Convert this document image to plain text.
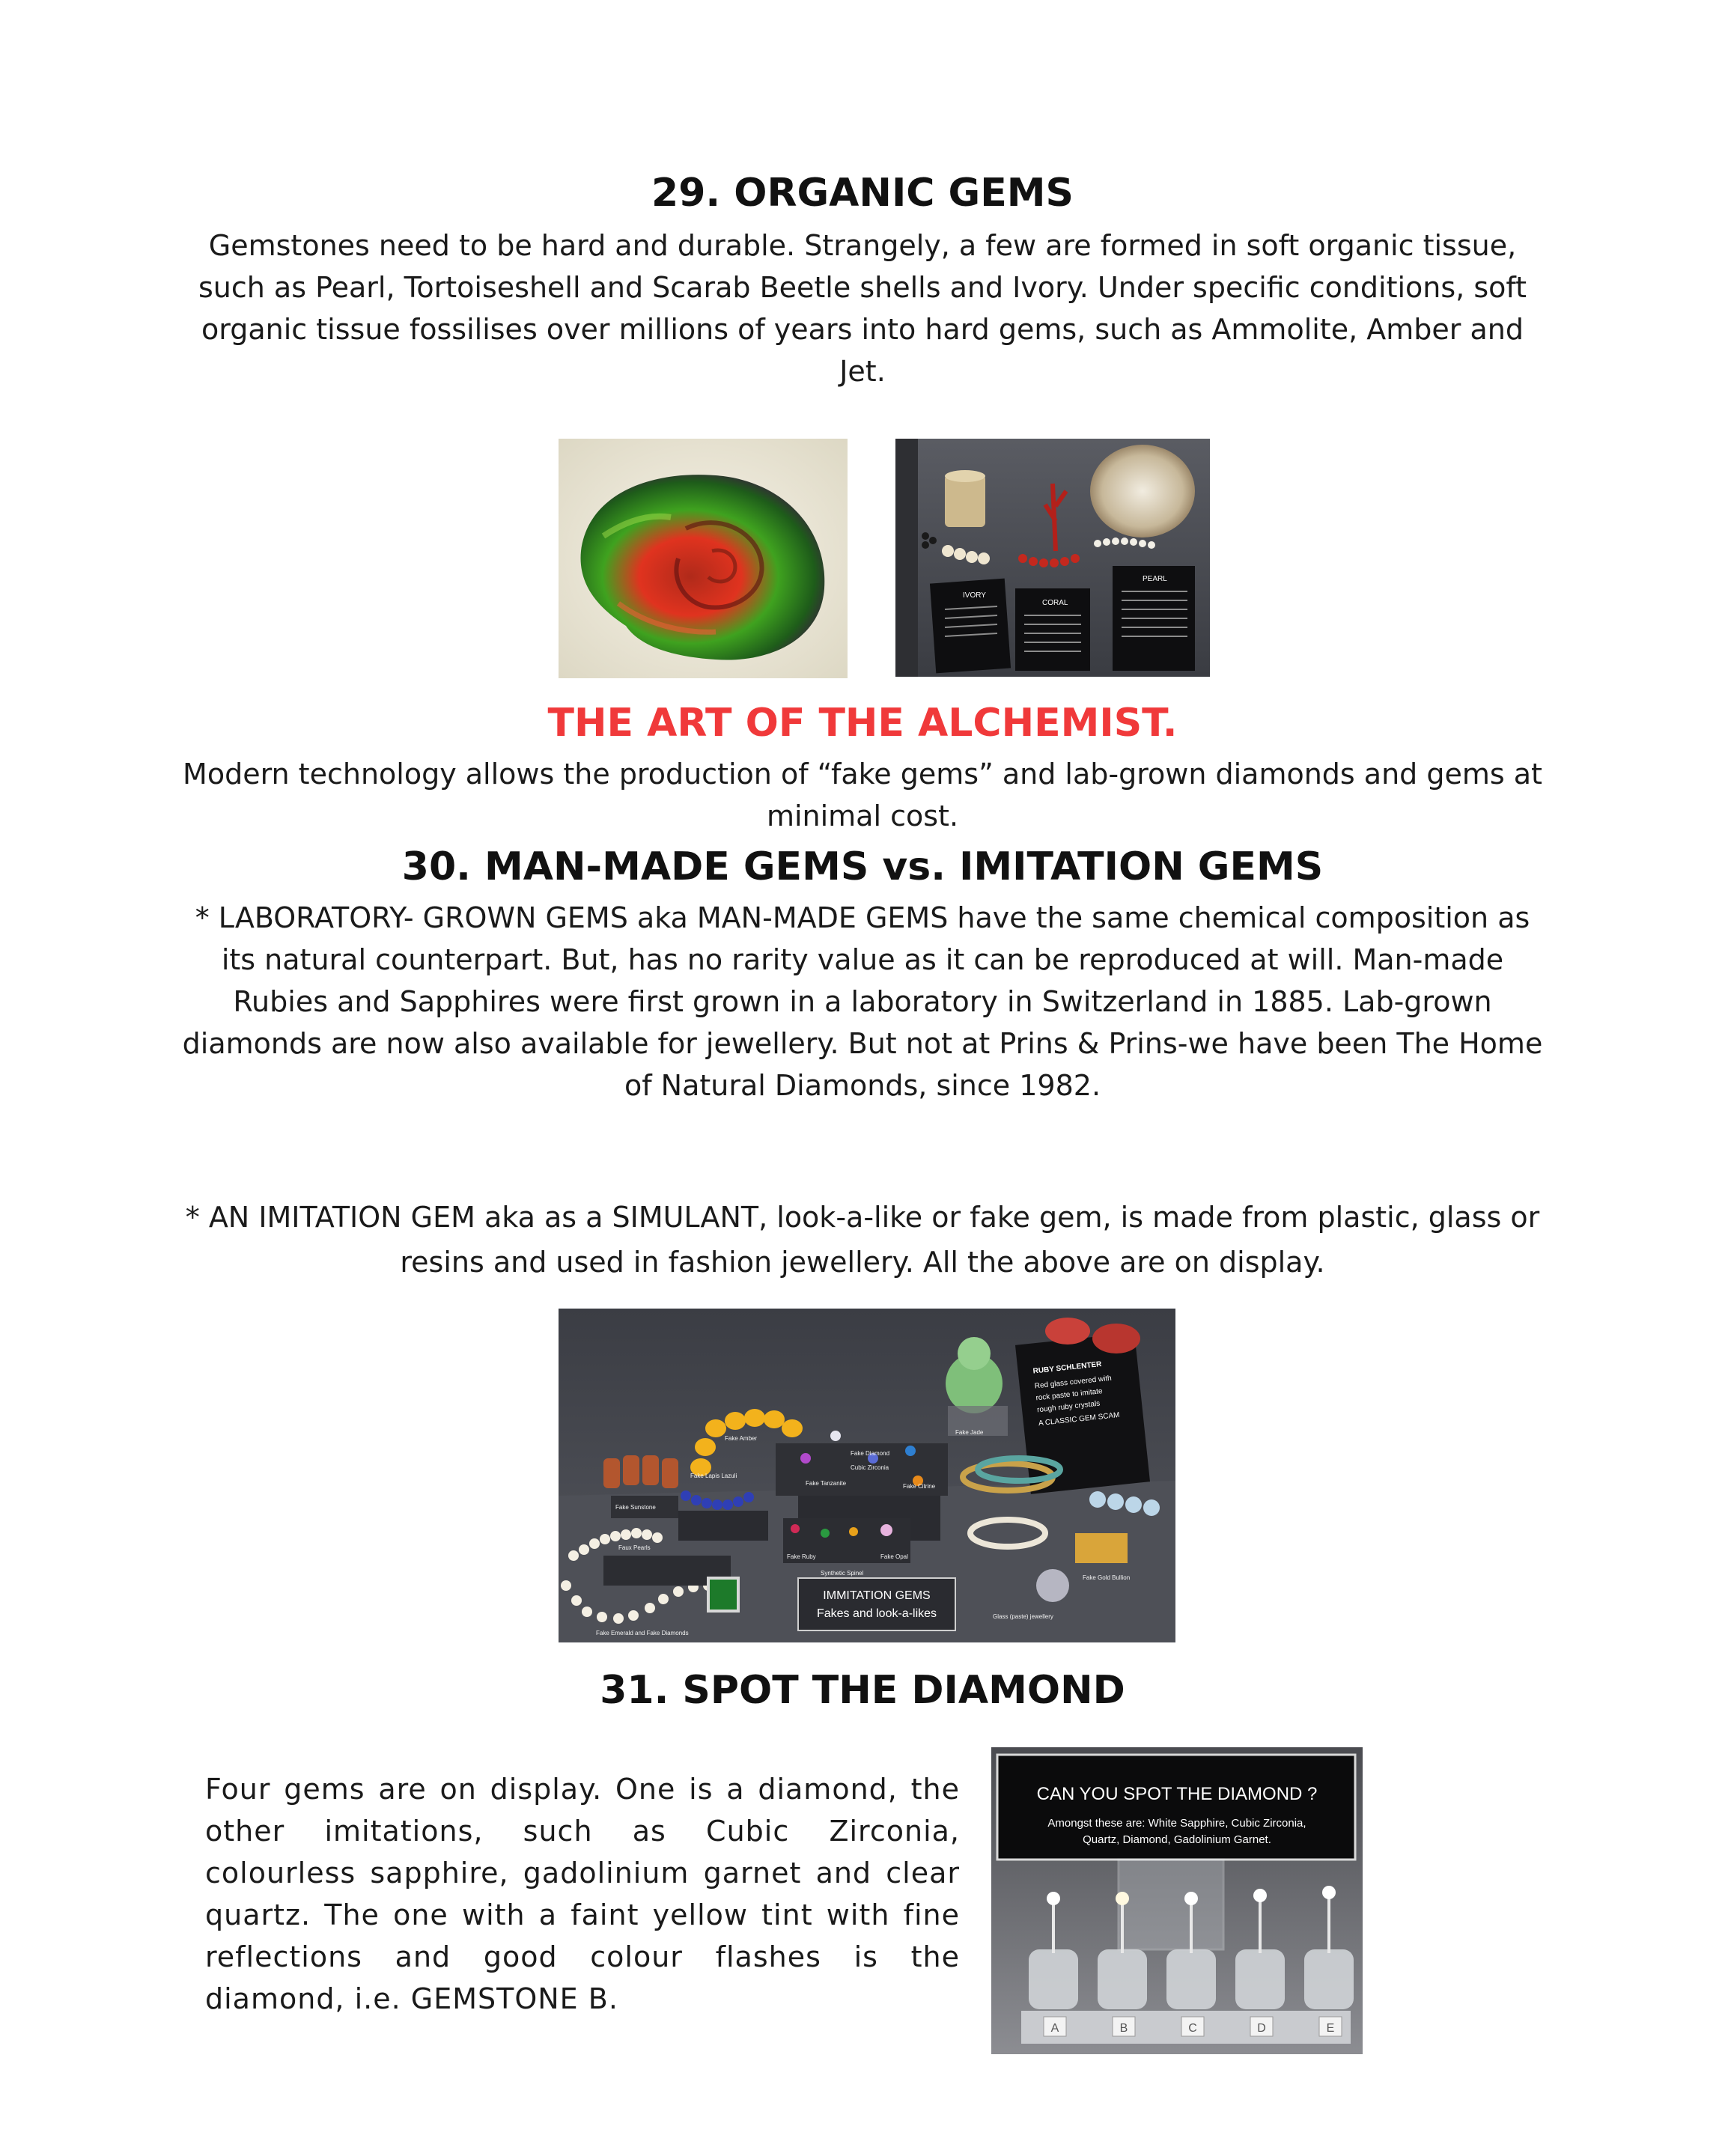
29. ORGANIC GEMS

Gemstones need to be hard and durable. Strangely, a few are formed in soft organic tissue, such as Pearl, Tortoiseshell and Scarab Beetle shells and Ivory. Under specific conditions, soft organic tissue fossilises over millions of years into hard gems, such as Ammolite, Amber and Jet.

IVORY
CORAL
PEARL
THE ART OF THE ALCHEMIST.

Modern technology allows the production of “fake gems” and lab-grown diamonds and gems at minimal cost.

30. MAN-MADE GEMS vs. IMITATION GEMS

* LABORATORY- GROWN GEMS aka MAN-MADE GEMS have the same chemical composition as its natural counterpart. But, has no rarity value as it can be reproduced at will. Man-made Rubies and Sapphires were first grown in a laboratory in Switzerland in 1885. Lab-grown diamonds are now also available for jewellery. But not at Prins & Prins-we have been The Home of Natural Diamonds, since 1982.

* AN IMITATION GEM aka as a SIMULANT, look-a-like or fake gem, is made from plastic, glass or resins and used in fashion jewellery. All the above are on display.

RUBY SCHLENTER
Red glass covered with
rock paste to imitate
rough ruby crystals
A CLASSIC GEM SCAM
IMMITATION GEMS
Fakes and look-a-likes
Faux Pearls
Fake Sunstone
Fake Lapis Lazuli
Fake Amber
Fake Diamond
Cubic Zirconia
Fake Tanzanite	Fake Citrine
Fake Ruby
Synthetic Spinel
Fake Opal
Fake Gold Bullion
Glass (paste) jewellery
Fake Emerald and Fake Diamonds
Fake Jade
31. SPOT THE DIAMOND

Four gems are on display. One is a diamond, the other imitations, such as Cubic Zirconia, colourless sapphire, gadolinium garnet and clear quartz. The one with a faint yellow tint with fine reflections and good colour flashes is the diamond, i.e. GEMSTONE B.

CAN YOU SPOT THE DIAMOND ?
Amongst these are: White Sapphire, Cubic Zirconia,
Quartz, Diamond, Gadolinium Garnet.
A	B	C	D	E
